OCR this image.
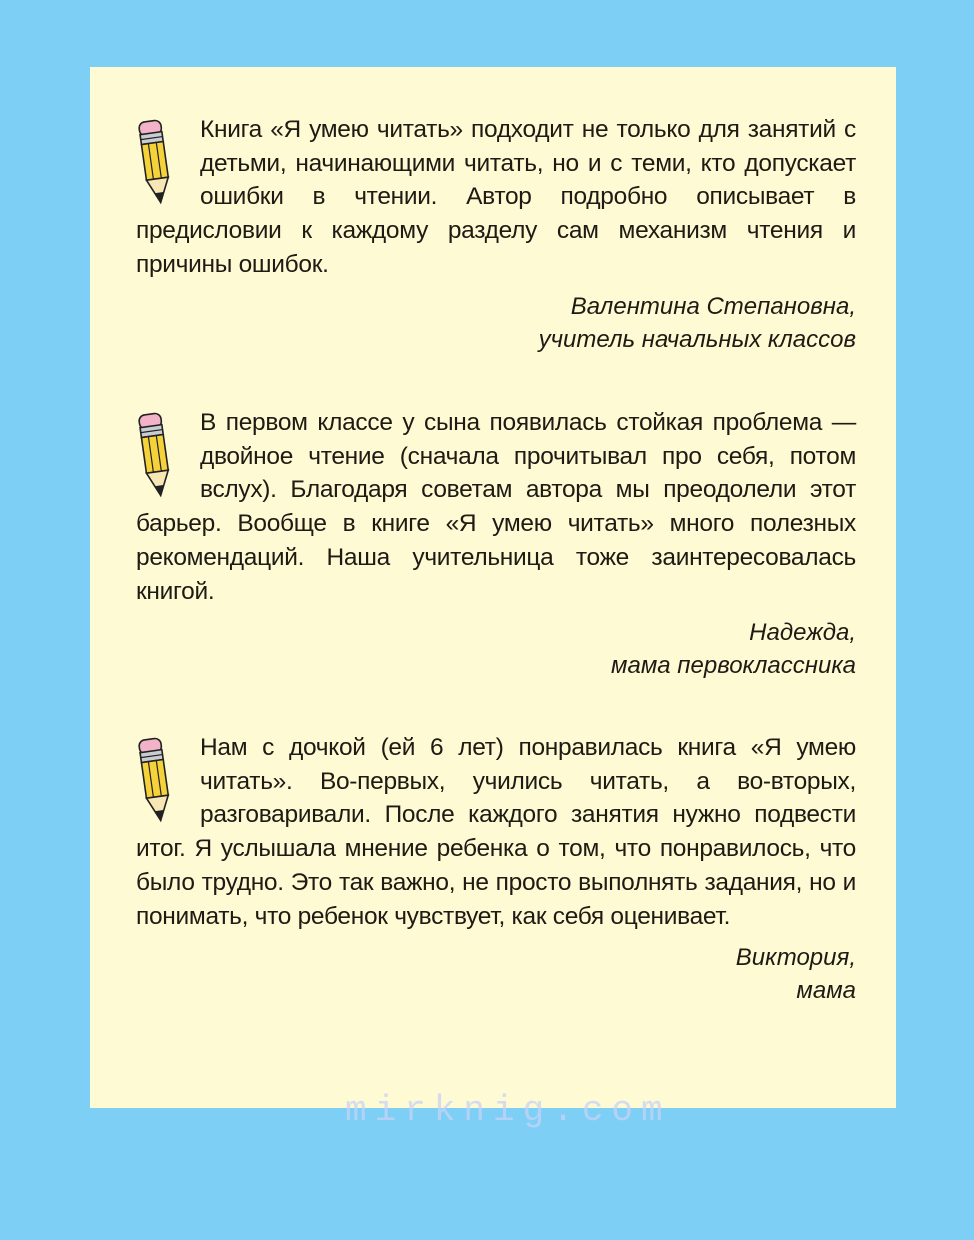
Книга «Я умею читать» подходит не только для занятий с детьми, начинающими читать, но и с теми, кто допускает ошибки в чтении. Автор подробно описывает в предисловии к каждому разделу сам механизм чтения и причины ошибок.

Валентина Степановна,
учитель начальных классов

В первом классе у сына появилась стойкая проблема — двойное чтение (сначала прочитывал про себя, потом вслух). Благодаря советам автора мы преодолели этот барьер. Вообще в книге «Я умею читать» много полезных рекомендаций. Наша учительница тоже заинтересовалась книгой.

Надежда,
мама первоклассника

Нам с дочкой (ей 6 лет) понравилась книга «Я умею читать». Во-первых, учились читать, а во-вторых, разговаривали. После каждого занятия нужно подвести итог. Я услышала мнение ребенка о том, что понравилось, что было трудно. Это так важно, не просто выполнять задания, но и понимать, что ребенок чувствует, как себя оценивает.

Виктория,
мама
mirknig.com
